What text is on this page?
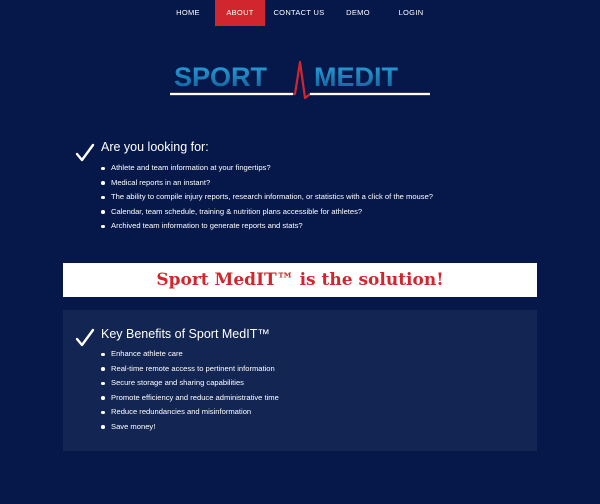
HOME	ABOUT	CONTACT US	DEMO	LOGIN
SPORT MEDIT
Are you looking for:
Athlete and team information at your fingertips?
Medical reports in an instant?
The ability to compile injury reports, research information, or statistics with a click of the mouse?
Calendar, team schedule, training & nutrition plans accessible for athletes?
Archived team information to generate reports and stats?
Sport MedIT™ is the solution!
Key Benefits of Sport MedIT™
Enhance athlete care
Real-time remote access to pertinent information
Secure storage and sharing capabilities
Promote efficiency and reduce administrative time
Reduce redundancies and misinformation
Save money!
